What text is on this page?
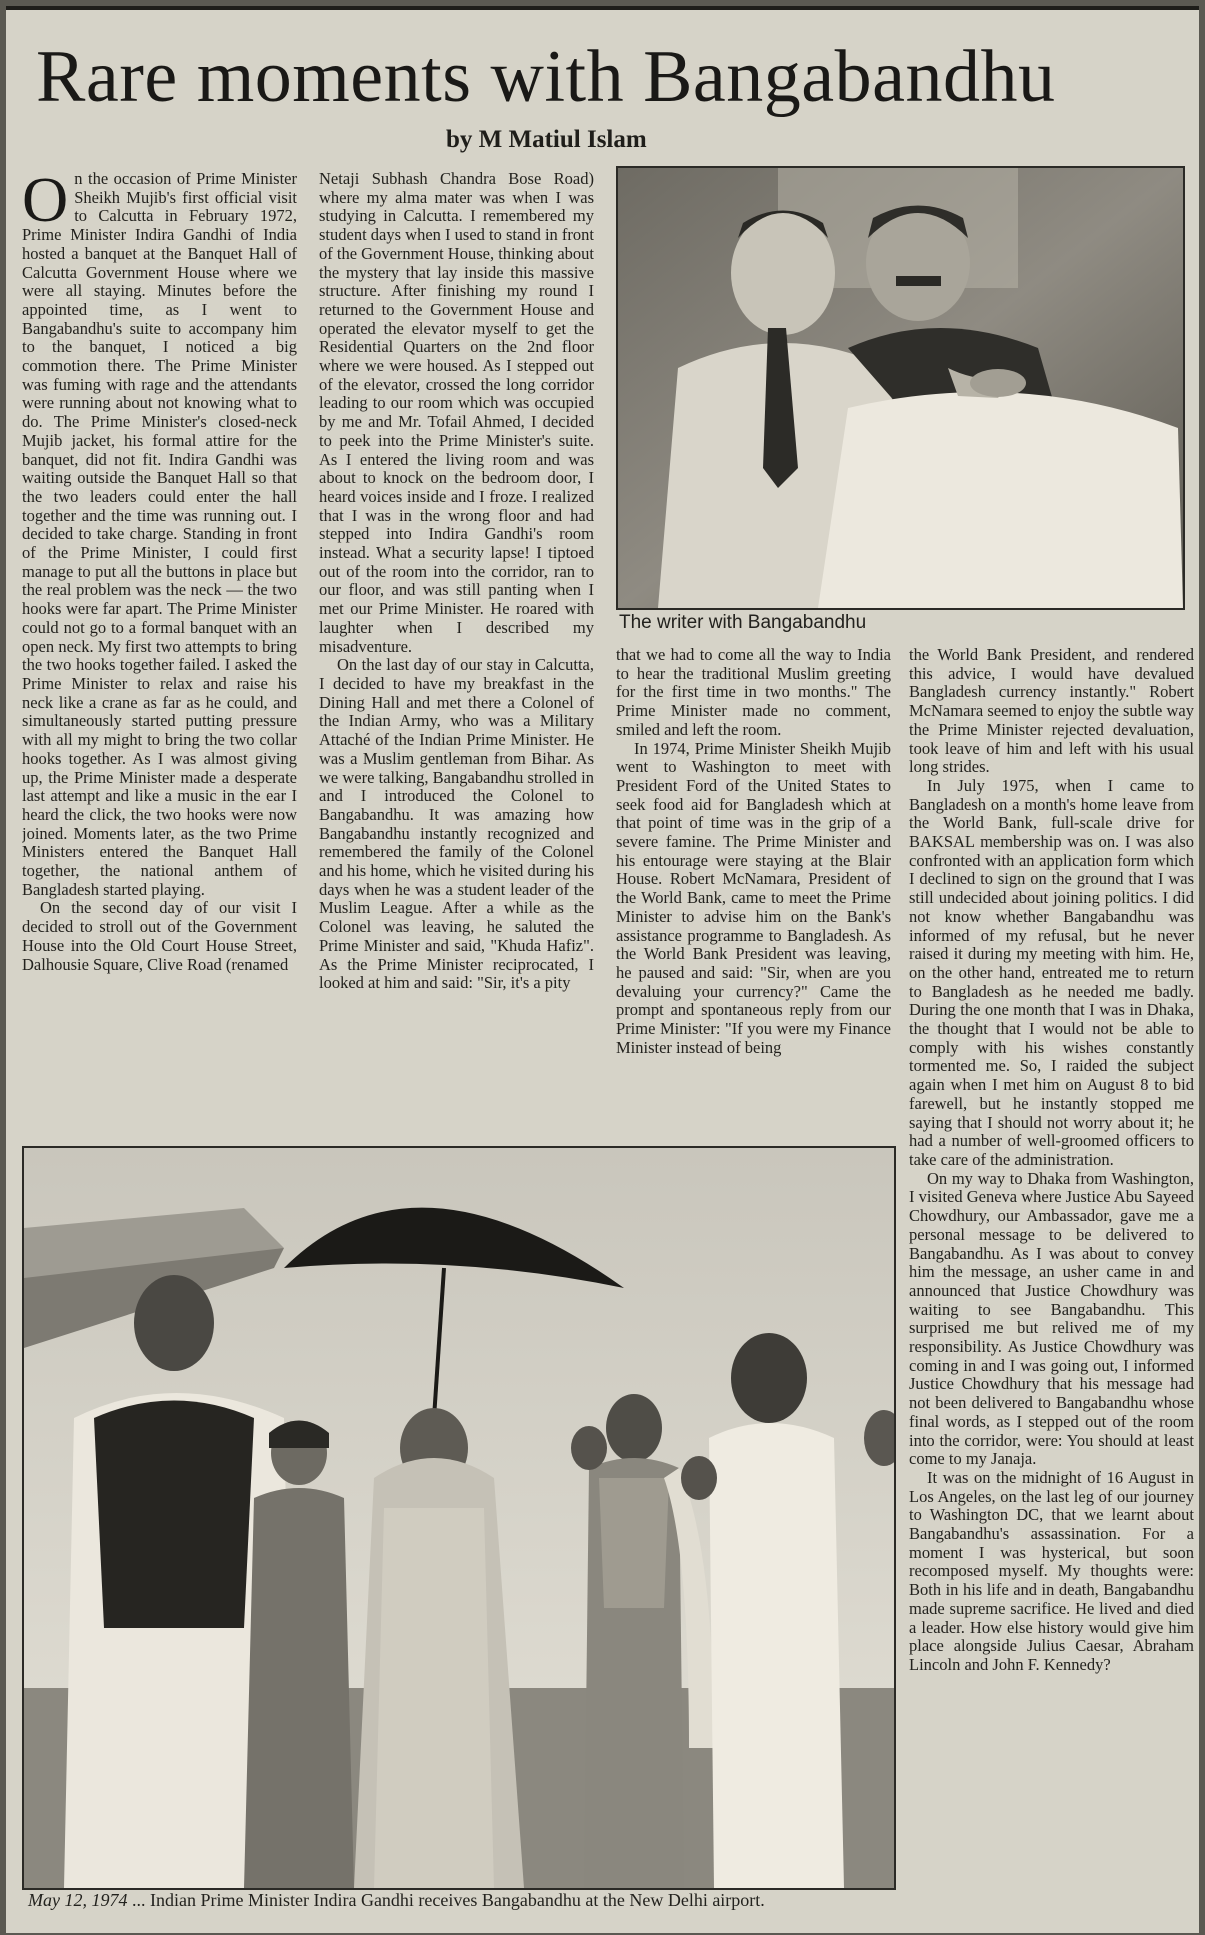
Rare moments with Bangabandhu
by M Matiul Islam

On the occasion of Prime Minister Sheikh Mujib's first official visit to Calcutta in February 1972, Prime Minister Indira Gandhi of India hosted a banquet at the Banquet Hall of Calcutta Government House where we were all staying. Minutes before the appointed time, as I went to Bangabandhu's suite to accompany him to the banquet, I noticed a big commotion there. The Prime Minister was fuming with rage and the attendants were running about not knowing what to do. The Prime Minister's closed-neck Mujib jacket, his formal attire for the banquet, did not fit. Indira Gandhi was waiting outside the Banquet Hall so that the two leaders could enter the hall together and the time was running out. I decided to take charge. Standing in front of the Prime Minister, I could first manage to put all the buttons in place but the real problem was the neck — the two hooks were far apart. The Prime Minister could not go to a formal banquet with an open neck. My first two attempts to bring the two hooks together failed. I asked the Prime Minister to relax and raise his neck like a crane as far as he could, and simultaneously started putting pressure with all my might to bring the two collar hooks together. As I was almost giving up, the Prime Minister made a desperate last attempt and like a music in the ear I heard the click, the two hooks were now joined. Moments later, as the two Prime Ministers entered the Banquet Hall together, the national anthem of Bangladesh started playing.

On the second day of our visit I decided to stroll out of the Government House into the Old Court House Street, Dalhousie Square, Clive Road (renamed

Netaji Subhash Chandra Bose Road) where my alma mater was when I was studying in Calcutta. I remembered my student days when I used to stand in front of the Government House, thinking about the mystery that lay inside this massive structure. After finishing my round I returned to the Government House and operated the elevator myself to get the Residential Quarters on the 2nd floor where we were housed. As I stepped out of the elevator, crossed the long corridor leading to our room which was occupied by me and Mr. Tofail Ahmed, I decided to peek into the Prime Minister's suite. As I entered the living room and was about to knock on the bedroom door, I heard voices inside and I froze. I realized that I was in the wrong floor and had stepped into Indira Gandhi's room instead. What a security lapse! I tiptoed out of the room into the corridor, ran to our floor, and was still panting when I met our Prime Minister. He roared with laughter when I described my misadventure.

On the last day of our stay in Calcutta, I decided to have my breakfast in the Dining Hall and met there a Colonel of the Indian Army, who was a Military Attaché of the Indian Prime Minister. He was a Muslim gentleman from Bihar. As we were talking, Bangabandhu strolled in and I introduced the Colonel to Bangabandhu. It was amazing how Bangabandhu instantly recognized and remembered the family of the Colonel and his home, which he visited during his days when he was a student leader of the Muslim League. After a while as the Colonel was leaving, he saluted the Prime Minister and said, "Khuda Hafiz". As the Prime Minister reciprocated, I looked at him and said: "Sir, it's a pity

The writer with Bangabandhu

that we had to come all the way to India to hear the traditional Muslim greeting for the first time in two months." The Prime Minister made no comment, smiled and left the room.

In 1974, Prime Minister Sheikh Mujib went to Washington to meet with President Ford of the United States to seek food aid for Bangladesh which at that point of time was in the grip of a severe famine. The Prime Minister and his entourage were staying at the Blair House. Robert McNamara, President of the World Bank, came to meet the Prime Minister to advise him on the Bank's assistance programme to Bangladesh. As the World Bank President was leaving, he paused and said: "Sir, when are you devaluing your currency?" Came the prompt and spontaneous reply from our Prime Minister: "If you were my Finance Minister instead of being

the World Bank President, and rendered this advice, I would have devalued Bangladesh currency instantly." Robert McNamara seemed to enjoy the subtle way the Prime Minister rejected devaluation, took leave of him and left with his usual long strides.

In July 1975, when I came to Bangladesh on a month's home leave from the World Bank, full-scale drive for BAKSAL membership was on. I was also confronted with an application form which I declined to sign on the ground that I was still undecided about joining politics. I did not know whether Bangabandhu was informed of my refusal, but he never raised it during my meeting with him. He, on the other hand, entreated me to return to Bangladesh as he needed me badly. During the one month that I was in Dhaka, the thought that I would not be able to comply with his wishes constantly tormented me. So, I raided the subject again when I met him on August 8 to bid farewell, but he instantly stopped me saying that I should not worry about it; he had a number of well-groomed officers to take care of the administration.

On my way to Dhaka from Washington, I visited Geneva where Justice Abu Sayeed Chowdhury, our Ambassador, gave me a personal message to be delivered to Bangabandhu. As I was about to convey him the message, an usher came in and announced that Justice Chowdhury was waiting to see Bangabandhu. This surprised me but relived me of my responsibility. As Justice Chowdhury was coming in and I was going out, I informed Justice Chowdhury that his message had not been delivered to Bangabandhu whose final words, as I stepped out of the room into the corridor, were: You should at least come to my Janaja.

It was on the midnight of 16 August in Los Angeles, on the last leg of our journey to Washington DC, that we learnt about Bangabandhu's assassination. For a moment I was hysterical, but soon recomposed myself. My thoughts were: Both in his life and in death, Bangabandhu made supreme sacrifice. He lived and died a leader. How else history would give him place alongside Julius Caesar, Abraham Lincoln and John F. Kennedy?

May 12, 1974 ... Indian Prime Minister Indira Gandhi receives Bangabandhu at the New Delhi airport.
